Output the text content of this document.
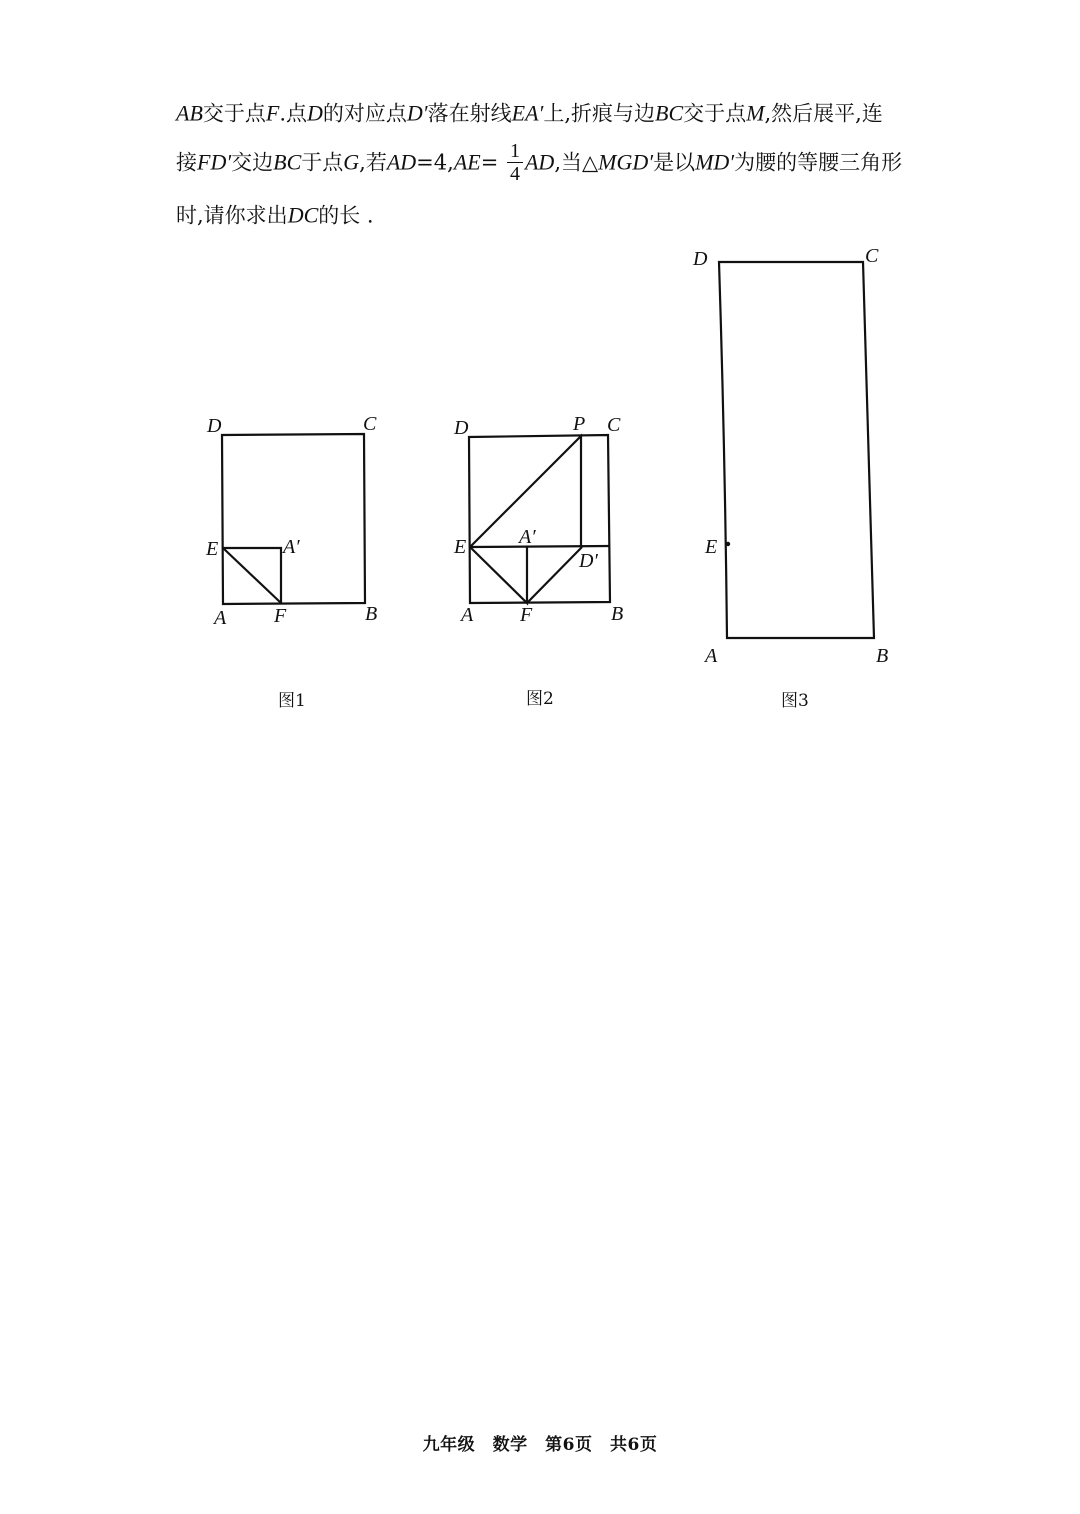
AB交于点F.点D的对应点D′落在射线EA′上,折痕与边BC交于点M,然后展平,连
接FD′交边BC于点G,若$AD=4,AE= \frac{1}{4}$ AD,当△MGD′是以MD′为腰的等腰三角形
时,请你求出DC的长 .
D	C
E	A′
A F	B
D	P C
E	A′
D′
A F	B
D	C
E
A	B
图1	图2	图3
九年级　数学　第6页　共6页
